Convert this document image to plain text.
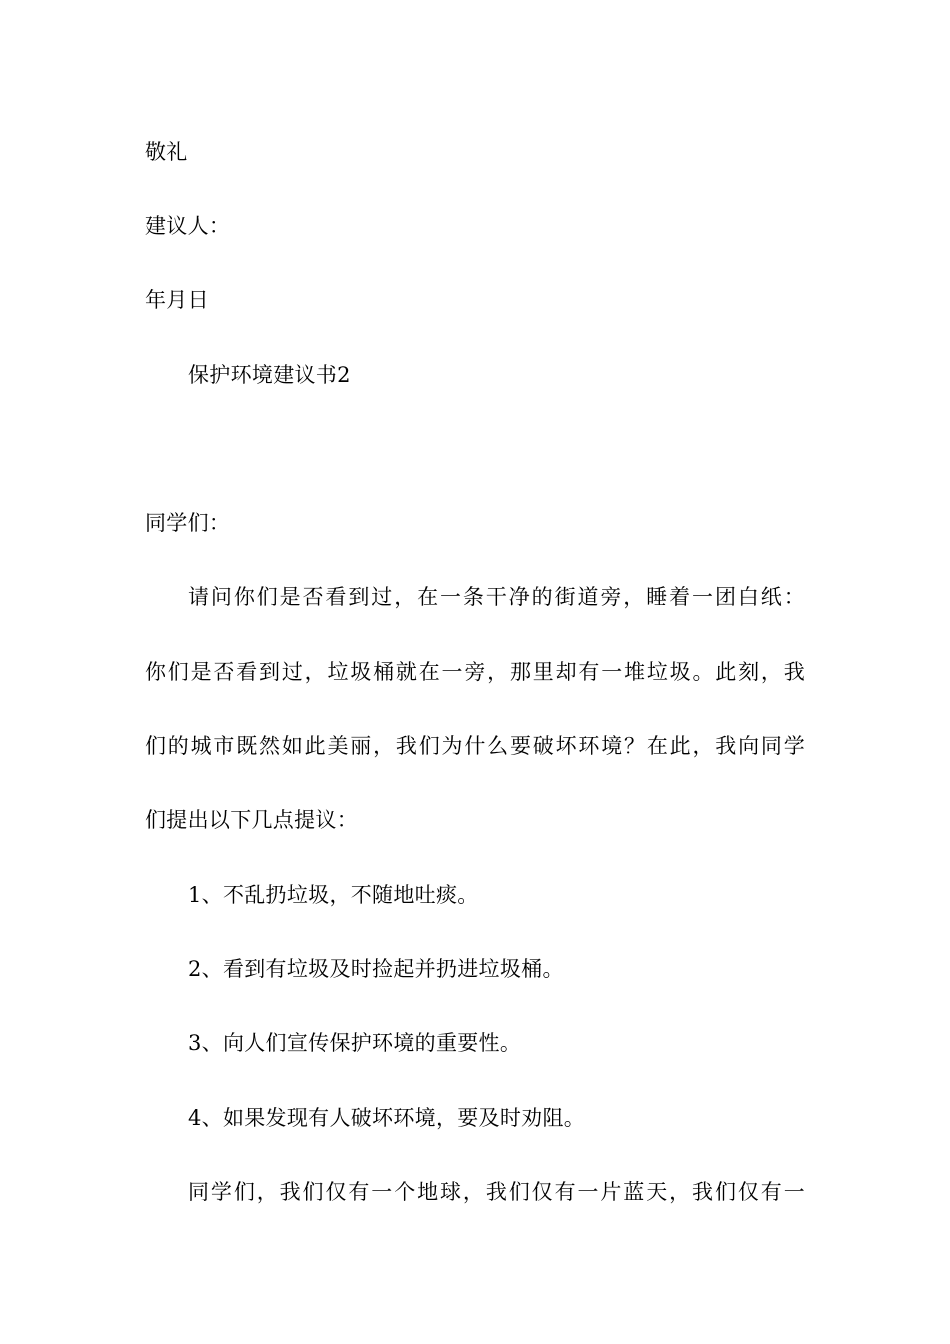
敬礼
建议人：
年月日
保护环境建议书2
同学们：
请问你们是否看到过，在一条干净的街道旁，睡着一团白纸：
你们是否看到过，垃圾桶就在一旁，那里却有一堆垃圾。此刻，我
们的城市既然如此美丽，我们为什么要破坏环境？在此，我向同学
们提出以下几点提议：
1、不乱扔垃圾，不随地吐痰。
2、看到有垃圾及时捡起并扔进垃圾桶。
3、向人们宣传保护环境的重要性。
4、如果发现有人破坏环境，要及时劝阻。
同学们，我们仅有一个地球，我们仅有一片蓝天，我们仅有一
